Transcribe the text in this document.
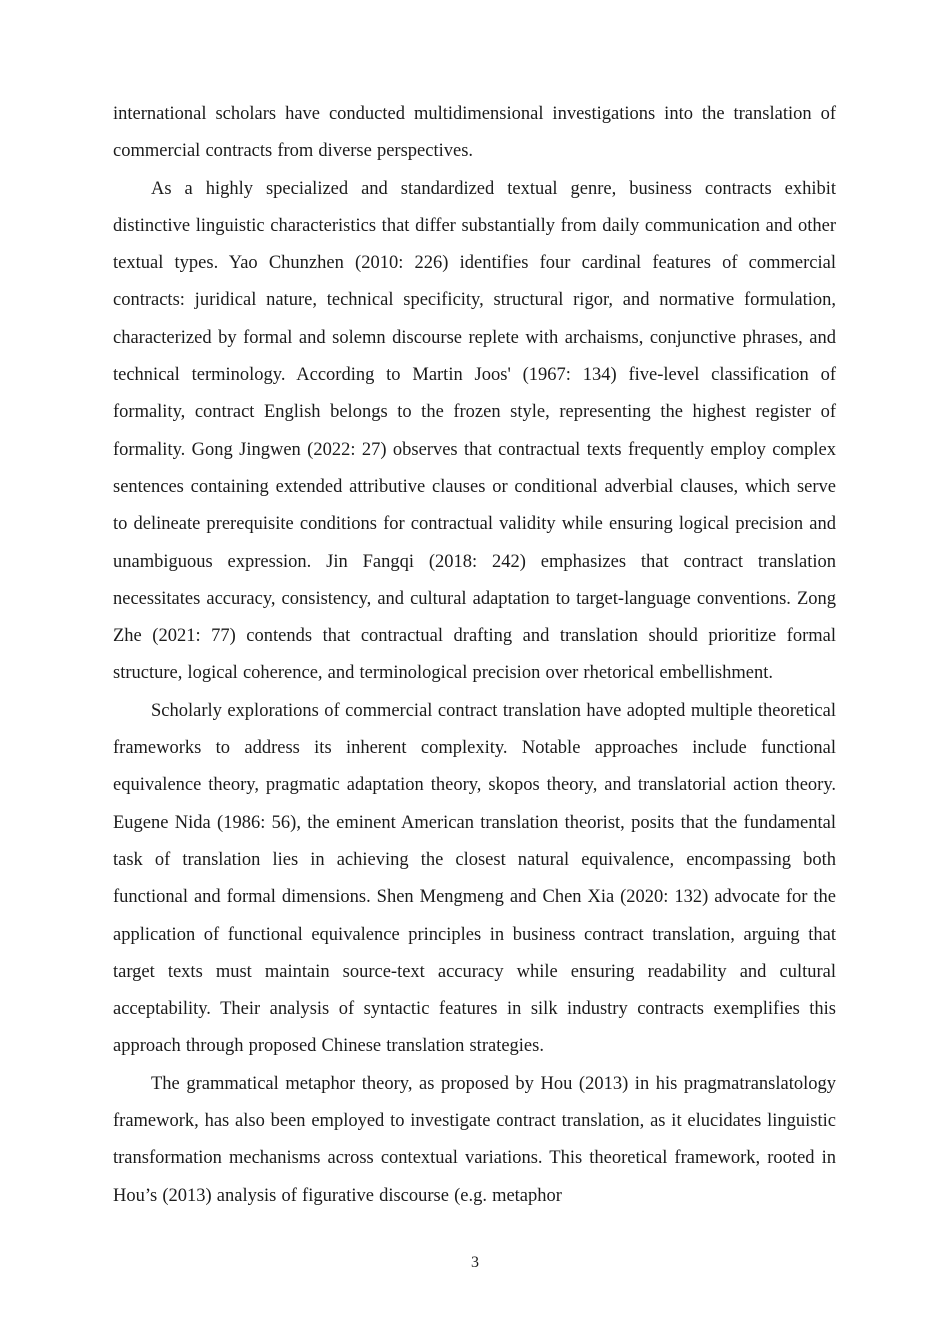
international scholars have conducted multidimensional investigations into the translation of commercial contracts from diverse perspectives.

As a highly specialized and standardized textual genre, business contracts exhibit distinctive linguistic characteristics that differ substantially from daily communication and other textual types. Yao Chunzhen (2010: 226) identifies four cardinal features of commercial contracts: juridical nature, technical specificity, structural rigor, and normative formulation, characterized by formal and solemn discourse replete with archaisms, conjunctive phrases, and technical terminology. According to Martin Joos' (1967: 134) five-level classification of formality, contract English belongs to the frozen style, representing the highest register of formality. Gong Jingwen (2022: 27) observes that contractual texts frequently employ complex sentences containing extended attributive clauses or conditional adverbial clauses, which serve to delineate prerequisite conditions for contractual validity while ensuring logical precision and unambiguous expression. Jin Fangqi (2018: 242) emphasizes that contract translation necessitates accuracy, consistency, and cultural adaptation to target-language conventions. Zong Zhe (2021: 77) contends that contractual drafting and translation should prioritize formal structure, logical coherence, and terminological precision over rhetorical embellishment.

Scholarly explorations of commercial contract translation have adopted multiple theoretical frameworks to address its inherent complexity. Notable approaches include functional equivalence theory, pragmatic adaptation theory, skopos theory, and translatorial action theory. Eugene Nida (1986: 56), the eminent American translation theorist, posits that the fundamental task of translation lies in achieving the closest natural equivalence, encompassing both functional and formal dimensions. Shen Mengmeng and Chen Xia (2020: 132) advocate for the application of functional equivalence principles in business contract translation, arguing that target texts must maintain source-text accuracy while ensuring readability and cultural acceptability. Their analysis of syntactic features in silk industry contracts exemplifies this approach through proposed Chinese translation strategies.

The grammatical metaphor theory, as proposed by Hou (2013) in his pragmatranslatology framework, has also been employed to investigate contract translation, as it elucidates linguistic transformation mechanisms across contextual variations. This theoretical framework, rooted in Hou’s (2013) analysis of figurative discourse (e.g. metaphor

3
